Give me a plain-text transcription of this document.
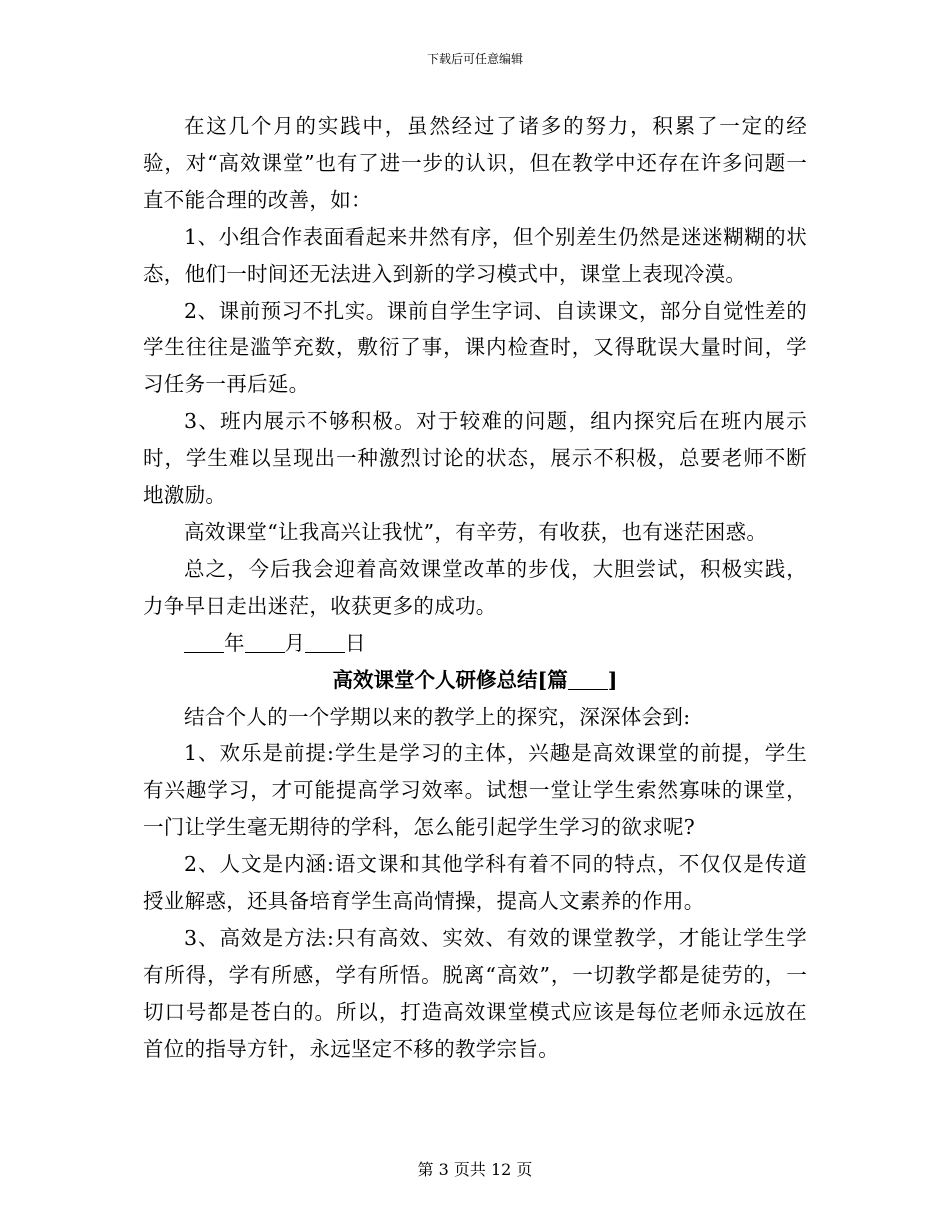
下载后可任意编辑

在这几个月的实践中，虽然经过了诸多的努力，积累了一定的经验，对“高效课堂”也有了进一步的认识，但在教学中还存在许多问题一直不能合理的改善，如：

1、小组合作表面看起来井然有序，但个别差生仍然是迷迷糊糊的状态，他们一时间还无法进入到新的学习模式中，课堂上表现冷漠。

2、课前预习不扎实。课前自学生字词、自读课文，部分自觉性差的学生往往是滥竽充数，敷衍了事，课内检查时，又得耽误大量时间，学习任务一再后延。

3、班内展示不够积极。对于较难的问题，组内探究后在班内展示时，学生难以呈现出一种激烈讨论的状态，展示不积极，总要老师不断地激励。

高效课堂“让我高兴让我忧”，有辛劳，有收获，也有迷茫困惑。

总之，今后我会迎着高效课堂改革的步伐，大胆尝试，积极实践，力争早日走出迷茫，收获更多的成功。

年 月 日

高效课堂个人研修总结[篇 ]

结合个人的一个学期以来的教学上的探究，深深体会到:

1、欢乐是前提:学生是学习的主体，兴趣是高效课堂的前提，学生有兴趣学习，才可能提高学习效率。试想一堂让学生索然寡味的课堂，一门让学生毫无期待的学科，怎么能引起学生学习的欲求呢?

2、人文是内涵:语文课和其他学科有着不同的特点，不仅仅是传道授业解惑，还具备培育学生高尚情操，提高人文素养的作用。

3、高效是方法:只有高效、实效、有效的课堂教学，才能让学生学有所得，学有所感，学有所悟。脱离“高效”，一切教学都是徒劳的，一切口号都是苍白的。所以，打造高效课堂模式应该是每位老师永远放在首位的指导方针，永远坚定不移的教学宗旨。

第 3 页共 12 页
